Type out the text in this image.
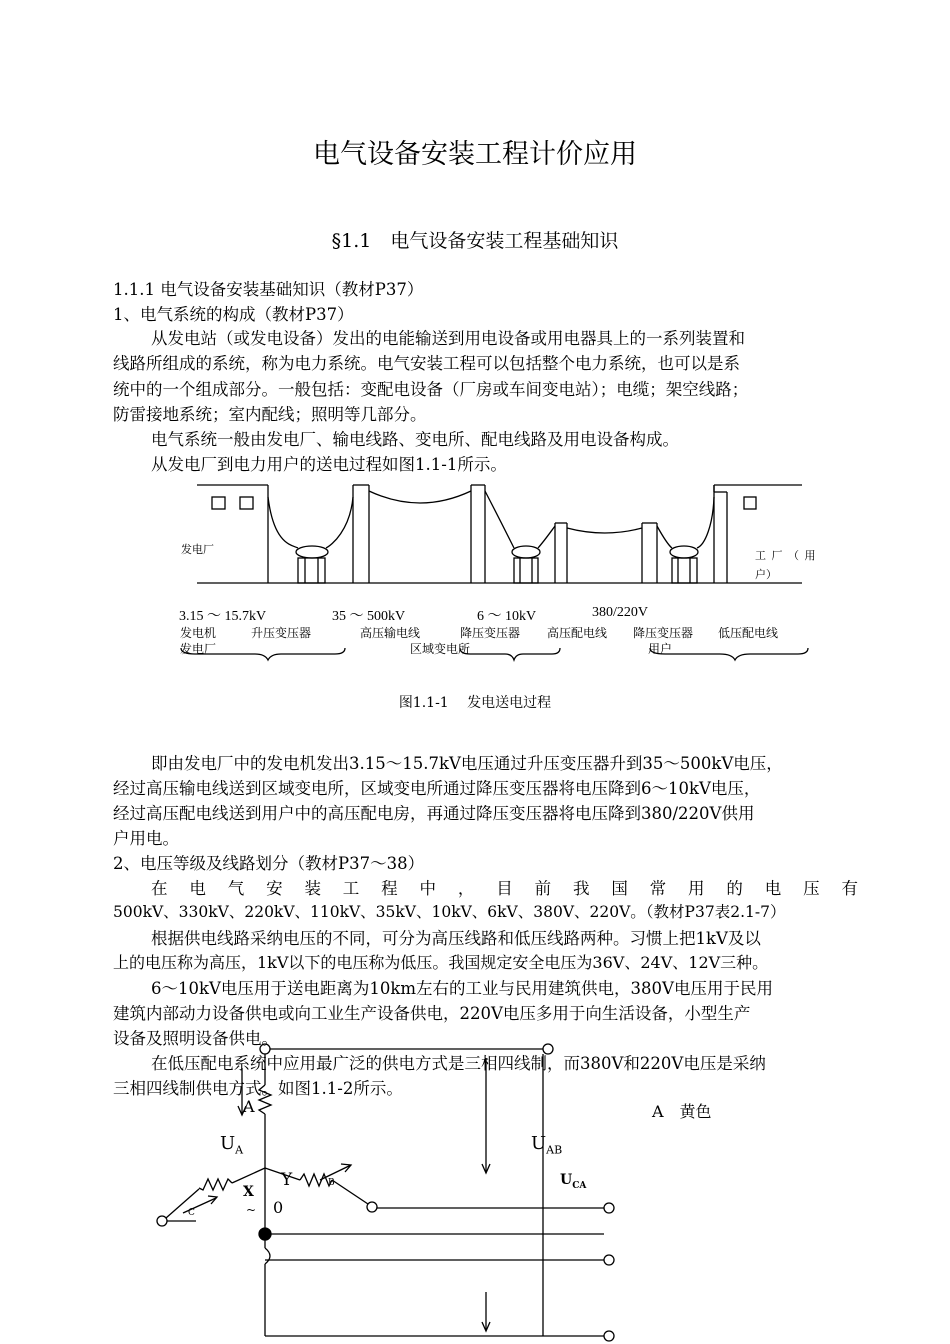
电气设备安装工程计价应用
§1.1　电气设备安装工程基础知识
1.1.1 电气设备安装基础知识（教材P37）
1、电气系统的构成（教材P37）
从发电站（或发电设备）发出的电能输送到用电设备或用电器具上的一系列装置和
线路所组成的系统，称为电力系统。电气安装工程可以包括整个电力系统，也可以是系
统中的一个组成部分。一般包括：变配电设备（厂房或车间变电站）；电缆；架空线路；
防雷接地系统；室内配线；照明等几部分。
电气系统一般由发电厂、输电线路、变电所、配电线路及用电设备构成。
从发电厂到电力用户的送电过程如图1.1-1所示。
发电厂	工 厂 （ 用
户）
3.15 ～ 15.7kV	35 ～ 500kV	6 ～ 10kV	380/220V
发电机	升压变压器	高压输电线	降压变压器 高压配电线 降压变压器 低压配电线
发电厂	区域变电所	用户
图1.1-1　 发电送电过程
即由发电厂中的发电机发出3.15～15.7kV电压通过升压变压器升到35～500kV电压，
经过高压输电线送到区域变电所，区域变电所通过降压变压器将电压降到6～10kV电压，
经过高压配电线送到用户中的高压配电房，再通过降压变压器将电压降到380/220V供用
户用电。
2、电压等级及线路划分（教材P37～38）
在 电 气 安 装 工 程 中 ， 目 前 我 国 常 用 的 电 压 有
500kV、330kV、220kV、110kV、35kV、10kV、6kV、380V、220V。（教材P37表2.1-7）
根据供电线路采纳电压的不同，可分为高压线路和低压线路两种。习惯上把1kV及以
上的电压称为高压，1kV以下的电压称为低压。我国规定安全电压为36V、24V、12V三种。
6～10kV电压用于送电距离为10km左右的工业与民用建筑供电，380V电压用于民用
建筑内部动力设备供电或向工业生产设备供电，220V电压多用于向生活设备，小型生产
设备及照明设备供电。
在低压配电系统中应用最广泛的供电方式是三相四线制，而380V和220V电压是采纳
三相四线制供电方式。如图1.1-2所示。
A
$U_A$	$U_{AB}$
$U_{CA}$
X
~
Y	B
C	0
A　黄色
